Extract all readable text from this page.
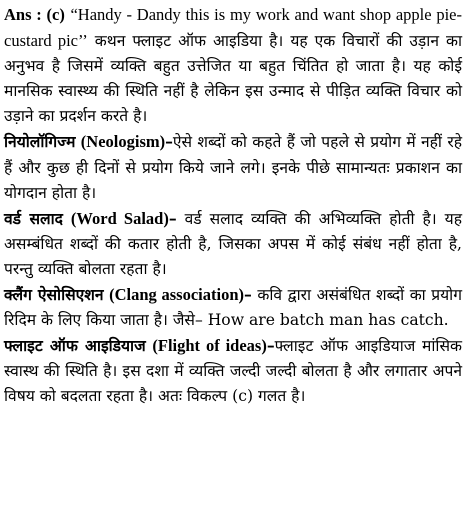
Ans : (c) “Handy - Dandy this is my work and want shop apple pie-custard pic’’ कथन फ्लाइट ऑफ आइडिया है। यह एक विचारों की उड़ान का अनुभव है जिसमें व्यक्ति बहुत उत्तेजित या बहुत चिंतित हो जाता है। यह कोई मानसिक स्वास्थ्य की स्थिति नहीं है लेकिन इस उन्माद से पीड़ित व्यक्ति विचार को उड़ाने का प्रदर्शन करते है।

नियोलॉगिज्म (Neologism)–ऐसे शब्दों को कहते हैं जो पहले से प्रयोग में नहीं रहे हैं और कुछ ही दिनों से प्रयोग किये जाने लगे। इनके पीछे सामान्यतः प्रकाशन का योगदान होता है।

वर्ड सलाद (Word Salad)– वर्ड सलाद व्यक्ति की अभिव्यक्ति होती है। यह असम्बंधित शब्दों की कतार होती है, जिसका अपस में कोई संबंध नहीं होता है, परन्तु व्यक्ति बोलता रहता है।

क्लैंग ऐसोसिएशन (Clang association)– कवि द्वारा असंबंधित शब्दों का प्रयोग रिदिम के लिए किया जाता है। जैसे– How are batch man has catch.

फ्लाइट ऑफ आइडियाज (Flight of ideas)–फ्लाइट ऑफ आइडियाज मांसिक स्वास्थ की स्थिति है। इस दशा में व्यक्ति जल्दी जल्दी बोलता है और लगातार अपने विषय को बदलता रहता है। अतः विकल्प (c) गलत है।
